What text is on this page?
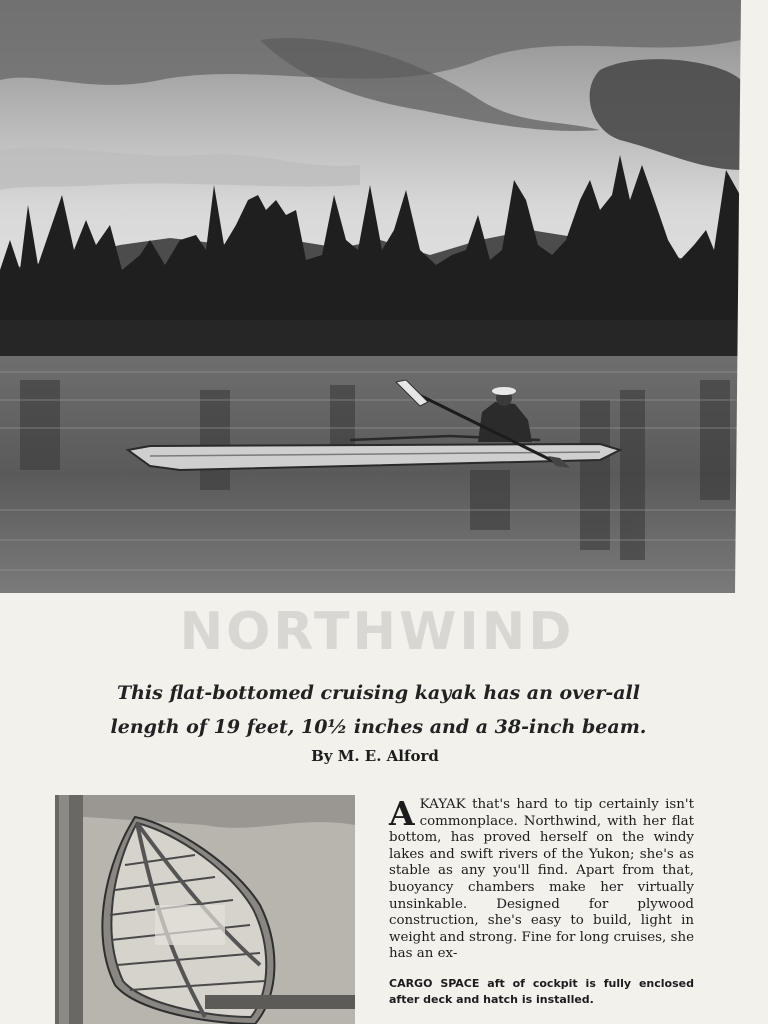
NORTHWIND
This flat-bottomed cruising kayak has an over-all length of 19 feet, 10½ inches and a 38-inch beam.
By M. E. Alford
AKAYAK that's hard to tip certainly isn't commonplace. Northwind, with her flat bottom, has proved herself on the windy lakes and swift rivers of the Yukon; she's as stable as any you'll find. Apart from that, buoyancy chambers make her virtually unsinkable. Designed for plywood construction, she's easy to build, light in weight and strong. Fine for long cruises, she has an ex-
CARGO SPACE aft of cockpit is fully enclosed after deck and hatch is installed.
